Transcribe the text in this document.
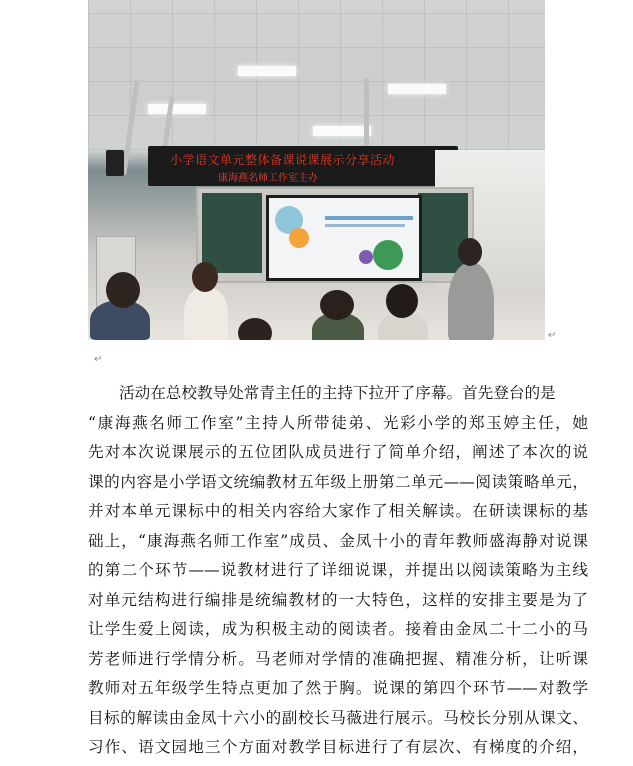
小学语文单元整体备课说课展示分享活动
康海燕名师工作室主办
↵
↵
活动在总校教导处常青主任的主持下拉开了序幕。首先登台的是
“康海燕名师工作室”主持人所带徒弟、光彩小学的郑玉婷主任，她
先对本次说课展示的五位团队成员进行了简单介绍，阐述了本次的说
课的内容是小学语文统编教材五年级上册第二单元——阅读策略单元，
并对本单元课标中的相关内容给大家作了相关解读。在研读课标的基
础上，“康海燕名师工作室”成员、金凤十小的青年教师盛海静对说课
的第二个环节——说教材进行了详细说课，并提出以阅读策略为主线
对单元结构进行编排是统编教材的一大特色，这样的安排主要是为了
让学生爱上阅读，成为积极主动的阅读者。接着由金凤二十二小的马
芳老师进行学情分析。马老师对学情的准确把握、精准分析，让听课
教师对五年级学生特点更加了然于胸。说课的第四个环节——对教学
目标的解读由金凤十六小的副校长马薇进行展示。马校长分别从课文、
习作、语文园地三个方面对教学目标进行了有层次、有梯度的介绍，
